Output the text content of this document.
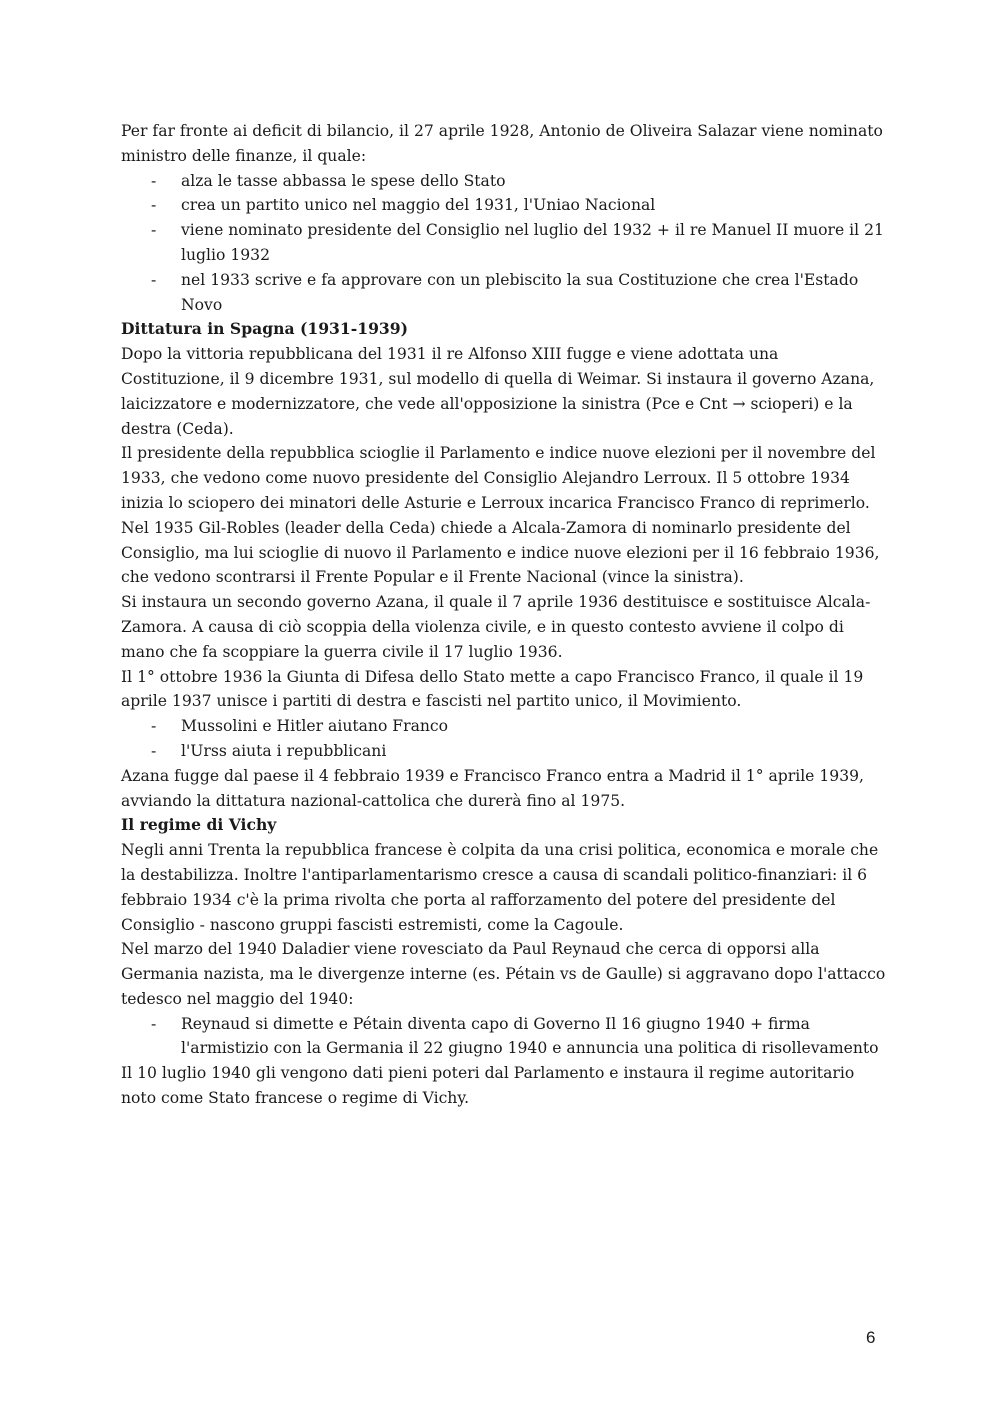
Per far fronte ai deficit di bilancio, il 27 aprile 1928, Antonio de Oliveira Salazar viene nominato ministro delle finanze, il quale:

- alza le tasse abbassa le spese dello Stato
- crea un partito unico nel maggio del 1931, l'Uniao Nacional
- viene nominato presidente del Consiglio nel luglio del 1932 + il re Manuel II muore il 21 luglio 1932
- nel 1933 scrive e fa approvare con un plebiscito la sua Costituzione che crea l'Estado Novo
Dittatura in Spagna (1931-1939)

Dopo la vittoria repubblicana del 1931 il re Alfonso XIII fugge e viene adottata una Costituzione, il 9 dicembre 1931, sul modello di quella di Weimar. Si instaura il governo Azana, laicizzatore e modernizzatore, che vede all'opposizione la sinistra (Pce e Cnt → scioperi) e la destra (Ceda).

Il presidente della repubblica scioglie il Parlamento e indice nuove elezioni per il novembre del 1933, che vedono come nuovo presidente del Consiglio Alejandro Lerroux. Il 5 ottobre 1934 inizia lo sciopero dei minatori delle Asturie e Lerroux incarica Francisco Franco di reprimerlo.

Nel 1935 Gil-Robles (leader della Ceda) chiede a Alcala-Zamora di nominarlo presidente del Consiglio, ma lui scioglie di nuovo il Parlamento e indice nuove elezioni per il 16 febbraio 1936, che vedono scontrarsi il Frente Popular e il Frente Nacional (vince la sinistra).

Si instaura un secondo governo Azana, il quale il 7 aprile 1936 destituisce e sostituisce Alcala-Zamora. A causa di ciò scoppia della violenza civile, e in questo contesto avviene il colpo di mano che fa scoppiare la guerra civile il 17 luglio 1936.

Il 1° ottobre 1936 la Giunta di Difesa dello Stato mette a capo Francisco Franco, il quale il 19 aprile 1937 unisce i partiti di destra e fascisti nel partito unico, il Movimiento.

- Mussolini e Hitler aiutano Franco
- l'Urss aiuta i repubblicani

Azana fugge dal paese il 4 febbraio 1939 e Francisco Franco entra a Madrid il 1° aprile 1939, avviando la dittatura nazional-cattolica che durerà fino al 1975.

Il regime di Vichy

Negli anni Trenta la repubblica francese è colpita da una crisi politica, economica e morale che la destabilizza. Inoltre l'antiparlamentarismo cresce a causa di scandali politico-finanziari: il 6 febbraio 1934 c'è la prima rivolta che porta al rafforzamento del potere del presidente del Consiglio - nascono gruppi fascisti estremisti, come la Cagoule.

Nel marzo del 1940 Daladier viene rovesciato da Paul Reynaud che cerca di opporsi alla Germania nazista, ma le divergenze interne (es. Pétain vs de Gaulle) si aggravano dopo l'attacco tedesco nel maggio del 1940:

- Reynaud si dimette e Pétain diventa capo di Governo Il 16 giugno 1940 + firma l'armistizio con la Germania il 22 giugno 1940 e annuncia una politica di risollevamento

Il 10 luglio 1940 gli vengono dati pieni poteri dal Parlamento e instaura il regime autoritario noto come Stato francese o regime di Vichy.

6
